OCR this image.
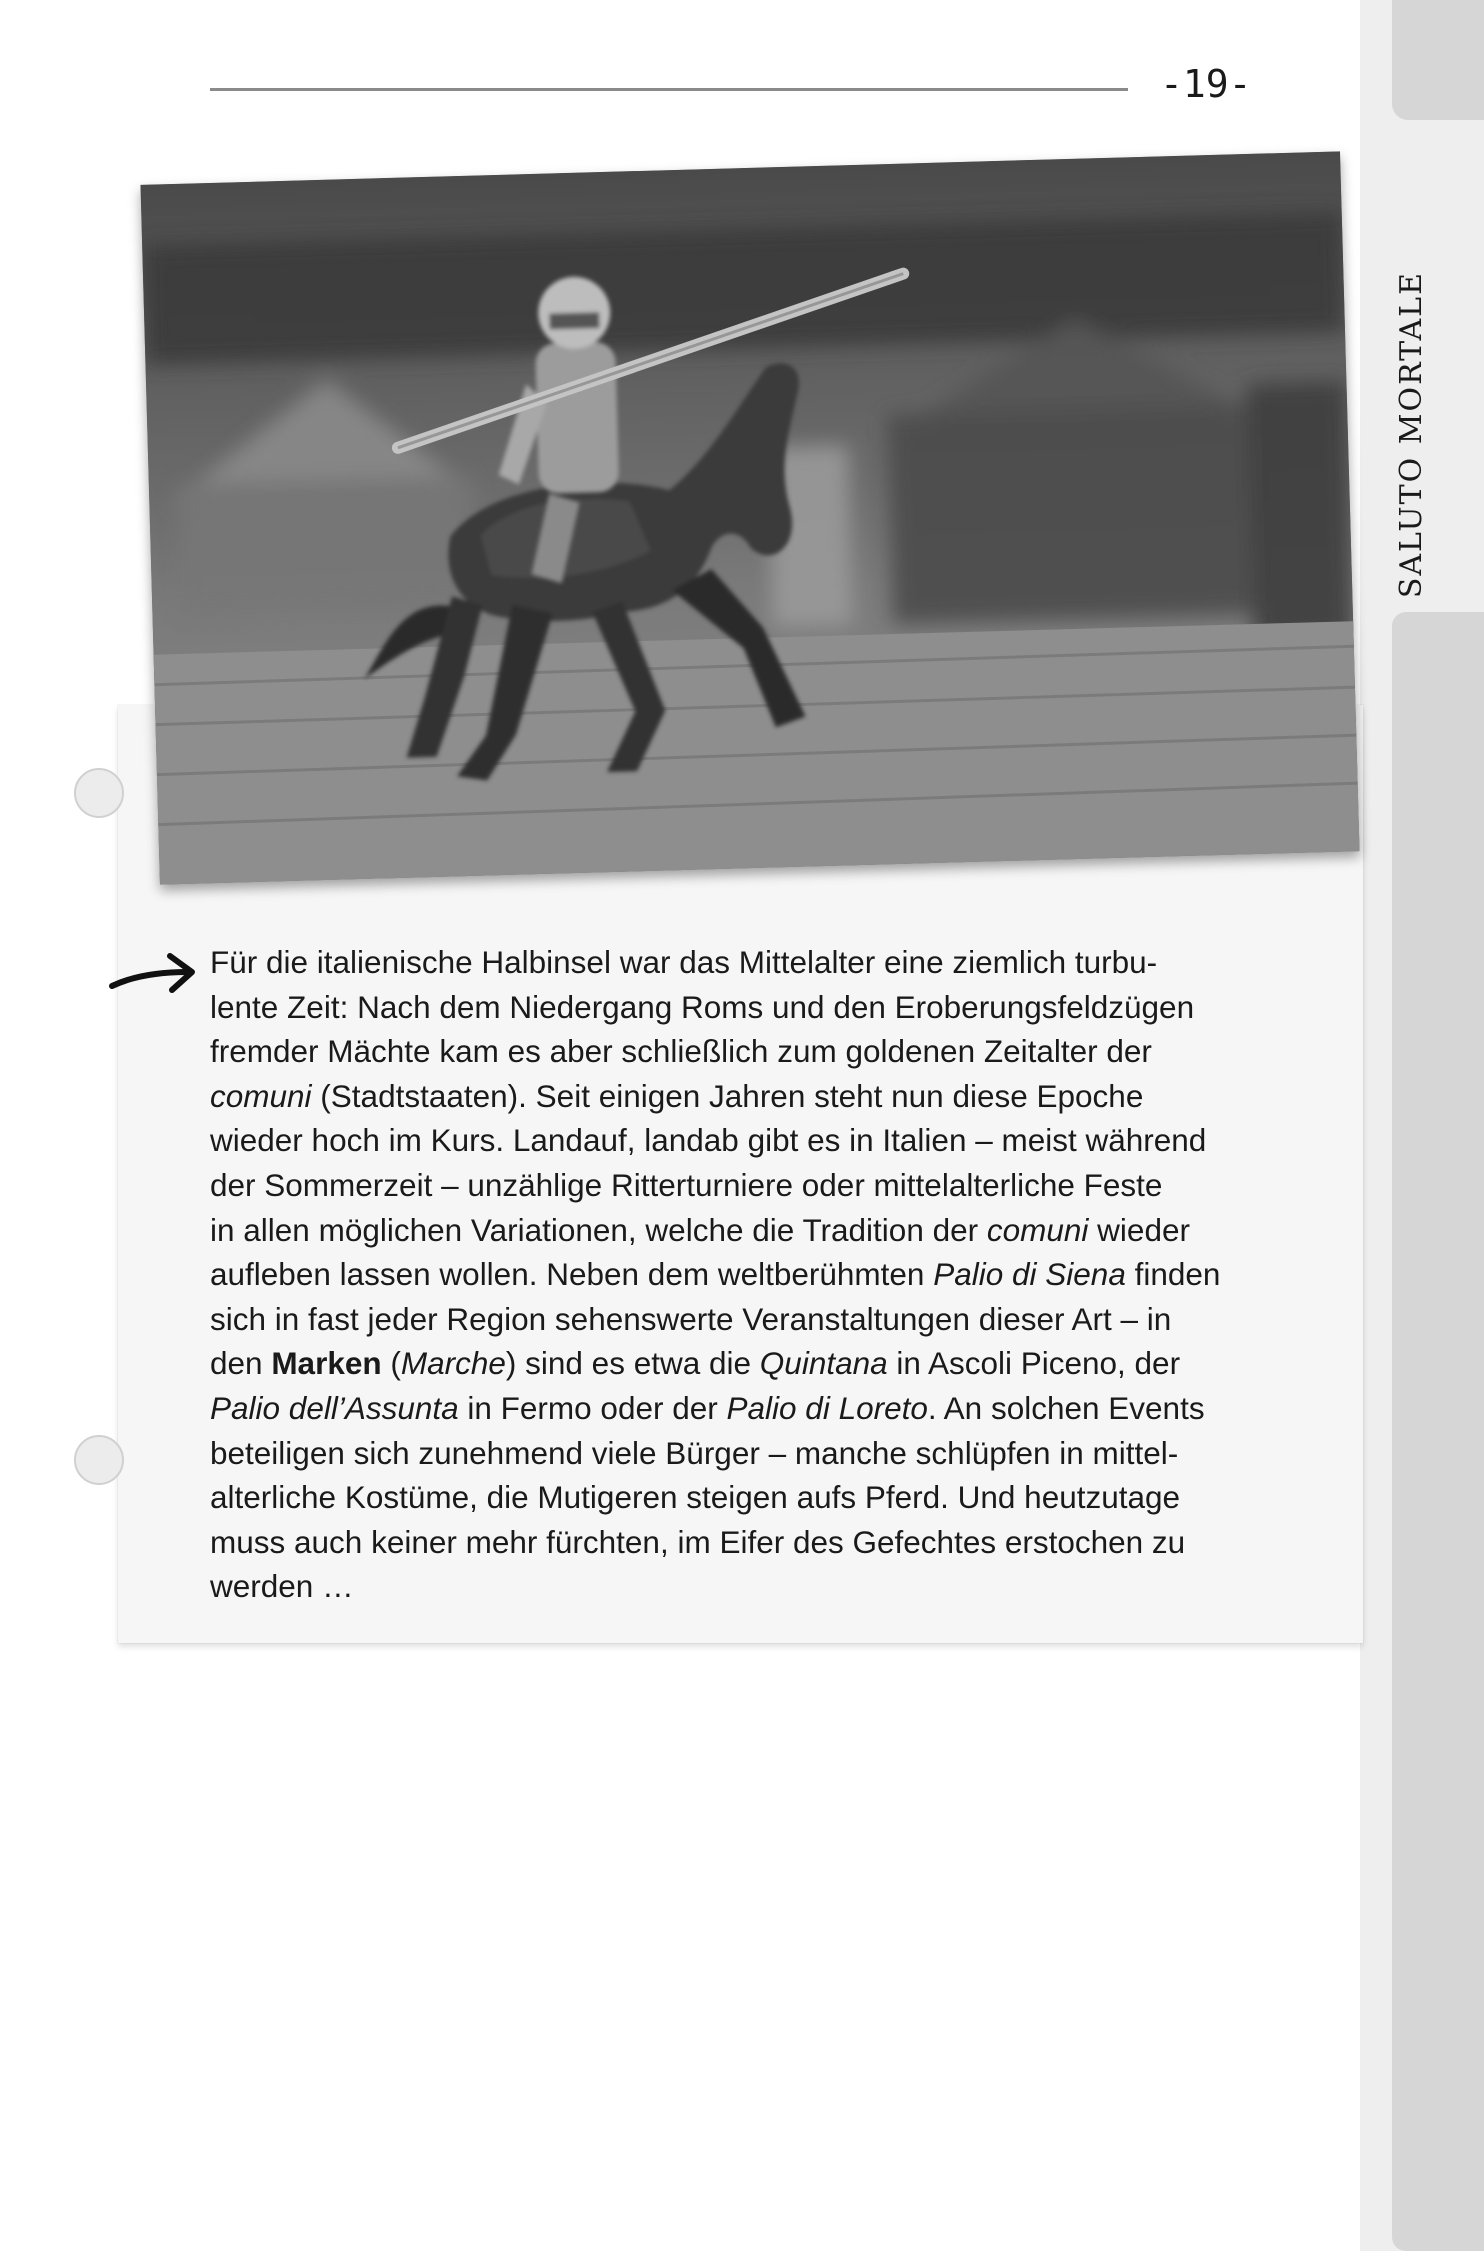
SALUTO MORTALE
-19-
Für die italienische Halbinsel war das Mittelalter eine ziemlich turbu-
lente Zeit: Nach dem Niedergang Roms und den Eroberungsfeldzügen
fremder Mächte kam es aber schließlich zum goldenen Zeitalter der
comuni (Stadtstaaten). Seit einigen Jahren steht nun diese Epoche
wieder hoch im Kurs. Landauf, landab gibt es in Italien – meist während
der Sommerzeit – unzählige Ritterturniere oder mittelalterliche Feste
in allen möglichen Variationen, welche die Tradition der comuni wieder
aufleben lassen wollen. Neben dem weltberühmten Palio di Siena finden
sich in fast jeder Region sehenswerte Veranstaltungen dieser Art – in
den Marken (Marche) sind es etwa die Quintana in Ascoli Piceno, der
Palio dell’Assunta in Fermo oder der Palio di Loreto. An solchen Events
beteiligen sich zunehmend viele Bürger – manche schlüpfen in mittel-
alterliche Kostüme, die Mutigeren steigen aufs Pferd. Und heutzutage
muss auch keiner mehr fürchten, im Eifer des Gefechtes erstochen zu
werden …
